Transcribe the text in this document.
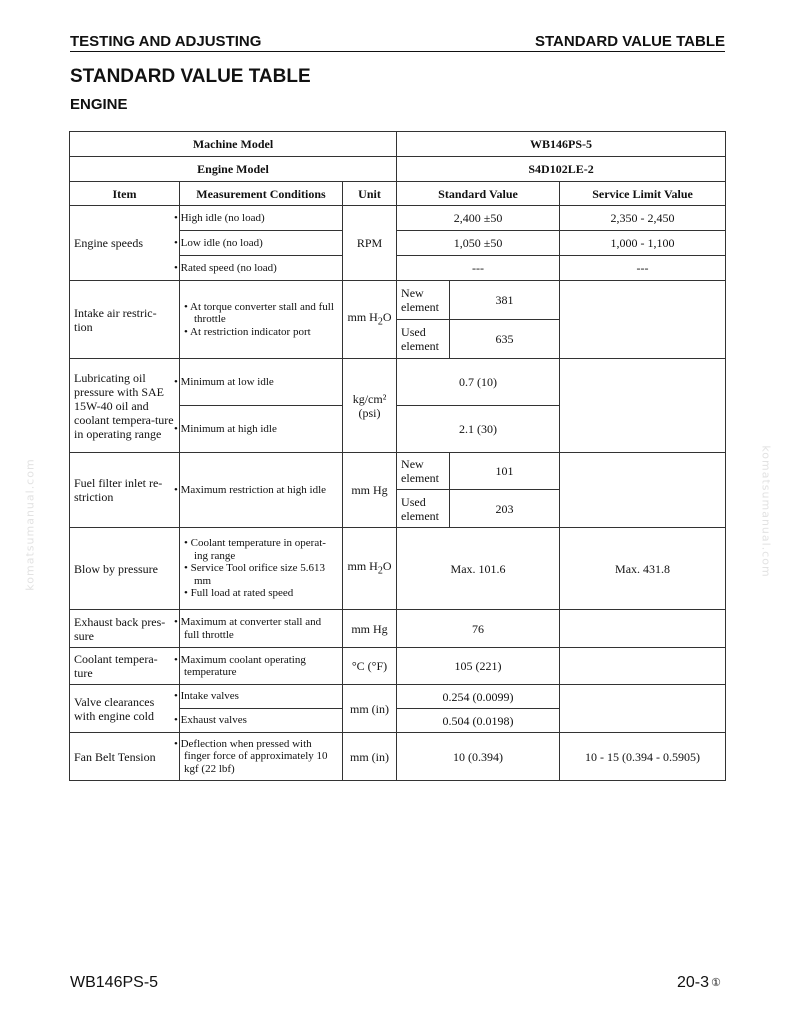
TESTING AND ADJUSTING	STANDARD VALUE TABLE
STANDARD VALUE TABLE
ENGINE
Machine Model			WB146PS-5		
Engine Model			S4D102LE-2		
Item	Measurement Conditions	Unit	Standard Value		Service Limit Value
Engine speeds	• High idle (no load)	RPM	2,400 ±50		2,350 - 2,450
	• Low idle (no load)		1,050 ±50		1,000 - 1,100
	• Rated speed (no load)		---		---
Intake air restric-tion	• At torque converter stall and full throttle
• At restriction indicator port	mm $H_2O$	New element	381	
			Used element	635	
Lubricating oil pressure with SAE 15W-40 oil and coolant tempera-ture in operating range	• Minimum at low idle	kg/cm² (psi)	0.7 (10)		
	• Minimum at high idle		2.1 (30)		
Fuel filter inlet re-striction	• Maximum restriction at high idle	mm Hg	New element	101	
			Used element	203	
Blow by pressure	• Coolant temperature in operat-ing range
• Service Tool orifice size 5.613 mm
• Full load at rated speed	mm $H_2O$	Max. 101.6		Max. 431.8
Exhaust back pres-sure	• Maximum at converter stall and full throttle	mm Hg	76		
Coolant tempera-ture	• Maximum coolant operating temperature	°C (°F)	105 (221)		
Valve clearances with engine cold	• Intake valves	mm (in)	0.254 (0.0099)		
	• Exhaust valves		0.504 (0.0198)		
Fan Belt Tension	• Deflection when pressed with finger force of approximately 10 kgf (22 lbf)	mm (in)	10 (0.394)		10 - 15 (0.394 - 0.5905)
komatsumanual.com	komatsumanual.com
WB146PS-5	20-3 ①
